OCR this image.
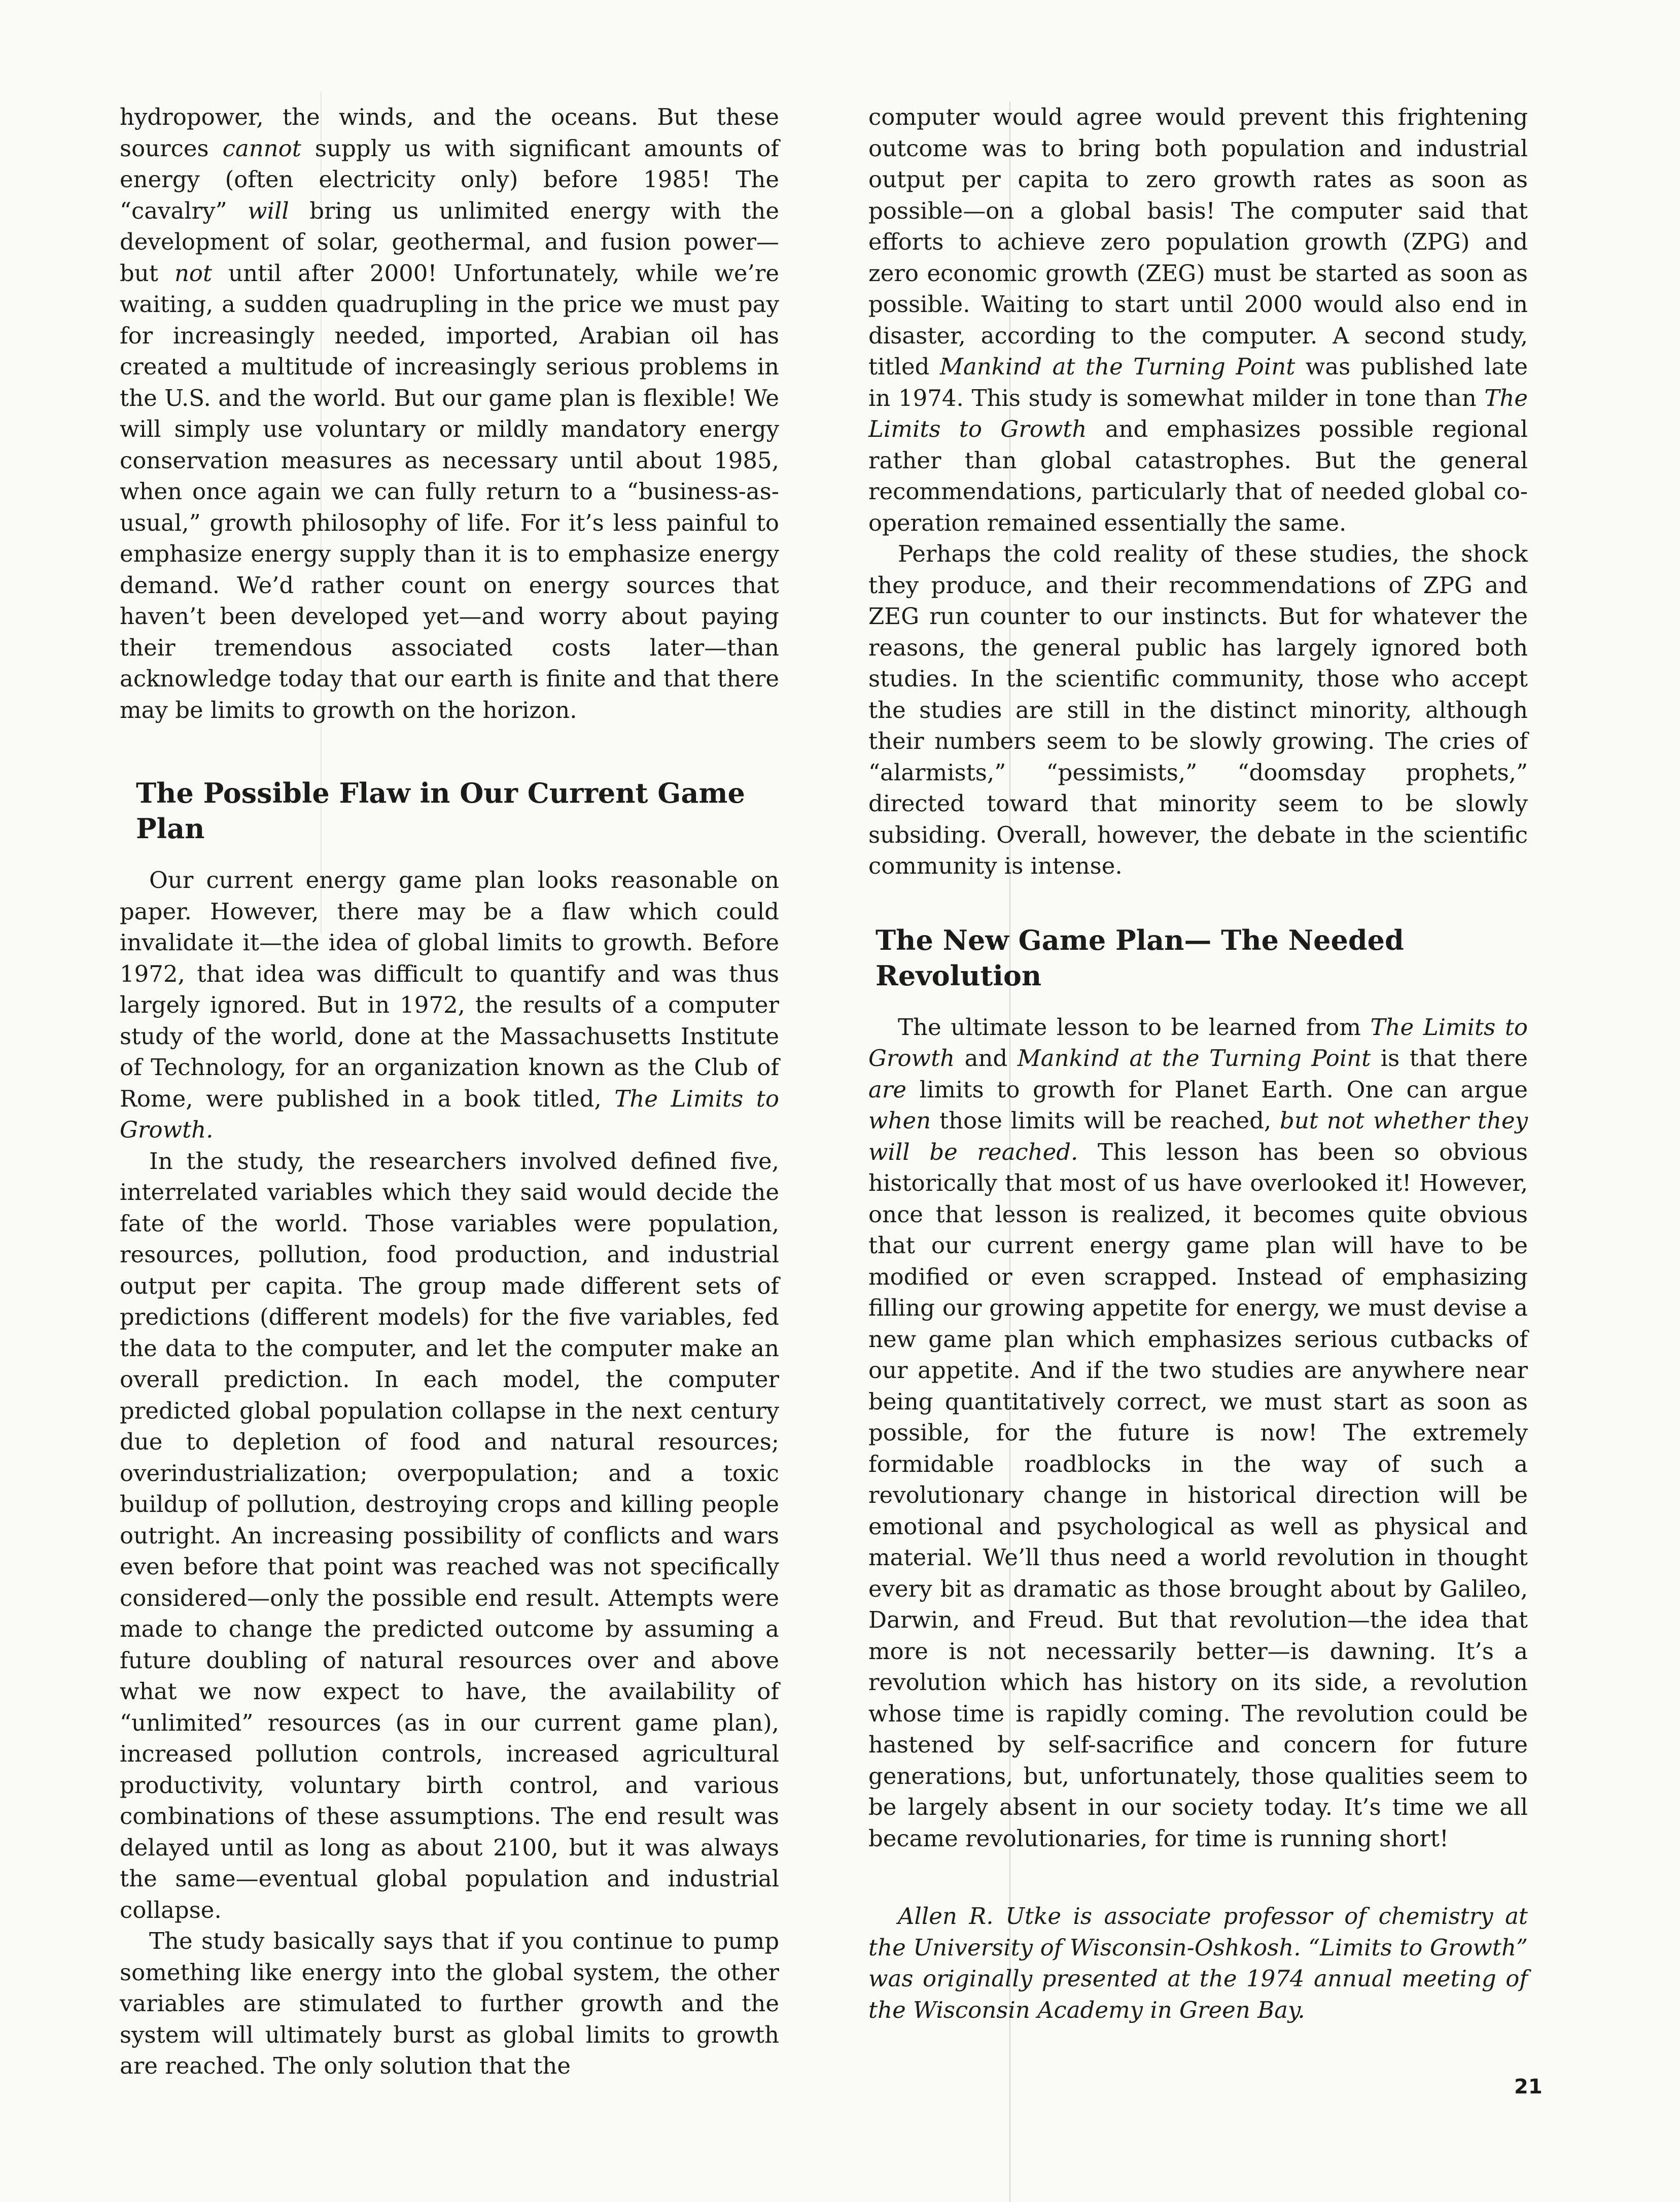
hydropower, the winds, and the oceans. But these sources cannot supply us with significant amounts of energy (often electricity only) before 1985! The “cavalry” will bring us unlimited energy with the development of solar, geothermal, and fusion power—but not until after 2000! Unfortunately, while we’re waiting, a sudden quadrupling in the price we must pay for increasingly needed, imported, Arabian oil has created a multitude of increasingly serious problems in the U.S. and the world. But our game plan is flexible! We will simply use voluntary or mildly mandatory energy conservation measures as necessary until about 1985, when once again we can fully return to a “business-as-usual,” growth philosophy of life. For it’s less painful to emphasize energy supply than it is to emphasize energy demand. We’d rather count on energy sources that haven’t been developed yet—and worry about paying their tremendous associated costs later—than acknowledge today that our earth is finite and that there may be limits to growth on the horizon.

The Possible Flaw in Our Current Game Plan

Our current energy game plan looks reasonable on paper. However, there may be a flaw which could invalidate it—the idea of global limits to growth. Before 1972, that idea was difficult to quantify and was thus largely ignored. But in 1972, the results of a computer study of the world, done at the Massachusetts Institute of Technology, for an organization known as the Club of Rome, were published in a book titled, The Limits to Growth.

In the study, the researchers involved defined five, interrelated variables which they said would decide the fate of the world. Those variables were population, resources, pollution, food production, and industrial output per capita. The group made different sets of predictions (different models) for the five variables, fed the data to the computer, and let the computer make an overall prediction. In each model, the computer predicted global population collapse in the next century due to depletion of food and natural resources; overindustrialization; overpopulation; and a toxic buildup of pollution, destroying crops and killing people outright. An increasing possibility of conflicts and wars even before that point was reached was not specifically considered—only the possible end result. Attempts were made to change the predicted outcome by assuming a future doubling of natural resources over and above what we now expect to have, the availability of “unlimited” resources (as in our current game plan), increased pollution controls, increased agricultural productivity, voluntary birth control, and various combinations of these assumptions. The end result was delayed until as long as about 2100, but it was always the same—eventual global population and industrial collapse.

The study basically says that if you continue to pump something like energy into the global system, the other variables are stimulated to further growth and the system will ultimately burst as global limits to growth are reached. The only solution that the

computer would agree would prevent this frightening outcome was to bring both population and industrial output per capita to zero growth rates as soon as possible—on a global basis! The computer said that efforts to achieve zero population growth (ZPG) and zero economic growth (ZEG) must be started as soon as possible. Waiting to start until 2000 would also end in disaster, according to the computer. A second study, titled Mankind at the Turning Point was published late in 1974. This study is somewhat milder in tone than The Limits to Growth and emphasizes possible regional rather than global catastrophes. But the general recommendations, particularly that of needed global co-operation remained essentially the same.

Perhaps the cold reality of these studies, the shock they produce, and their recommendations of ZPG and ZEG run counter to our instincts. But for whatever the reasons, the general public has largely ignored both studies. In the scientific community, those who accept the studies are still in the distinct minority, although their numbers seem to be slowly growing. The cries of “alarmists,” “pessimists,” “doomsday prophets,” directed toward that minority seem to be slowly subsiding. Overall, however, the debate in the scientific community is intense.

The New Game Plan— The Needed Revolution

The ultimate lesson to be learned from The Limits to Growth and Mankind at the Turning Point is that there are limits to growth for Planet Earth. One can argue when those limits will be reached, but not whether they will be reached. This lesson has been so obvious historically that most of us have overlooked it! However, once that lesson is realized, it becomes quite obvious that our current energy game plan will have to be modified or even scrapped. Instead of emphasizing filling our growing appetite for energy, we must devise a new game plan which emphasizes serious cutbacks of our appetite. And if the two studies are anywhere near being quantitatively correct, we must start as soon as possible, for the future is now! The extremely formidable roadblocks in the way of such a revolutionary change in historical direction will be emotional and psychological as well as physical and material. We’ll thus need a world revolution in thought every bit as dramatic as those brought about by Galileo, Darwin, and Freud. But that revolution—the idea that more is not necessarily better—is dawning. It’s a revolution which has history on its side, a revolution whose time is rapidly coming. The revolution could be hastened by self-sacrifice and concern for future generations, but, unfortunately, those qualities seem to be largely absent in our society today. It’s time we all became revolutionaries, for time is running short!

Allen R. Utke is associate professor of chemistry at the University of Wisconsin-Oshkosh. “Limits to Growth” was originally presented at the 1974 annual meeting of the Wisconsin Academy in Green Bay.

21
